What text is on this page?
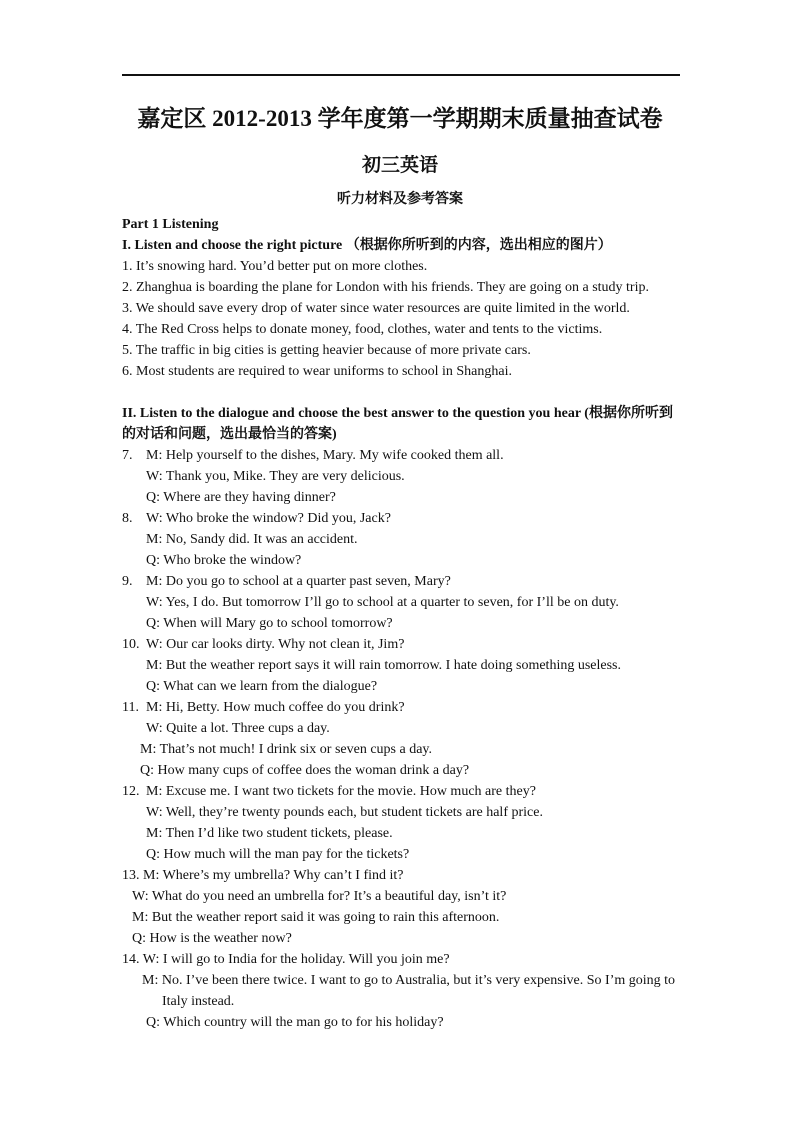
嘉定区 2012-2013 学年度第一学期期末质量抽查试卷
初三英语
听力材料及参考答案
Part 1 Listening
I. Listen and choose the right picture （根据你所听到的内容，选出相应的图片）
1. It’s snowing hard. You’d better put on more clothes.
2. Zhanghua is boarding the plane for London with his friends. They are going on a study trip.
3. We should save every drop of water since water resources are quite limited in the world.
4. The Red Cross helps to donate money, food, clothes, water and tents to the victims.
5. The traffic in big cities is getting heavier because of more private cars.
6. Most students are required to wear uniforms to school in Shanghai.
II. Listen to the dialogue and choose the best answer to the question you hear (根据你所听到
的对话和问题，选出最恰当的答案)
7. M: Help yourself to the dishes, Mary. My wife cooked them all.
W: Thank you, Mike. They are very delicious.
Q: Where are they having dinner?
8. W: Who broke the window? Did you, Jack?
M: No, Sandy did. It was an accident.
Q: Who broke the window?
9. M: Do you go to school at a quarter past seven, Mary?
W: Yes, I do. But tomorrow I’ll go to school at a quarter to seven, for I’ll be on duty.
Q: When will Mary go to school tomorrow?
10. W: Our car looks dirty. Why not clean it, Jim?
M: But the weather report says it will rain tomorrow. I hate doing something useless.
Q: What can we learn from the dialogue?
11. M: Hi, Betty. How much coffee do you drink?
W: Quite a lot. Three cups a day.
M: That’s not much! I drink six or seven cups a day.
Q: How many cups of coffee does the woman drink a day?
12. M: Excuse me. I want two tickets for the movie. How much are they?
W: Well, they’re twenty pounds each, but student tickets are half price.
M: Then I’d like two student tickets, please.
Q: How much will the man pay for the tickets?
13. M: Where’s my umbrella? Why can’t I find it?
W: What do you need an umbrella for? It’s a beautiful day, isn’t it?
M: But the weather report said it was going to rain this afternoon.
Q: How is the weather now?
14. W: I will go to India for the holiday. Will you join me?
M: No. I’ve been there twice. I want to go to Australia, but it’s very expensive. So I’m going to
Italy instead.
Q: Which country will the man go to for his holiday?
